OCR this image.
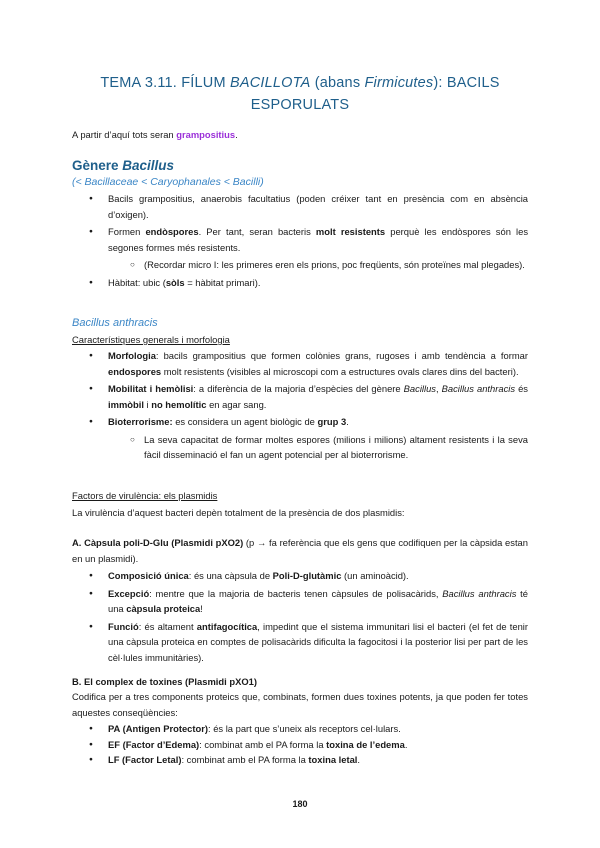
TEMA 3.11. FÍLUM BACILLOTA (abans Firmicutes): BACILS
ESPORULATS
A partir d’aquí tots seran grampositius.
Gènere Bacillus
(< Bacillaceae < Caryophanales < Bacilli)
● Bacils grampositius, anaerobis facultatius (poden créixer tant en presència com en absència d’oxigen).
● Formen endòspores. Per tant, seran bacteris molt resistents perquè les endòspores són les segones formes més resistents.
○ (Recordar micro I: les primeres eren els prions, poc freqüents, són proteïnes mal plegades).
● Hàbitat: ubic (sòls = hàbitat primari).
Bacillus anthracis
Característiques generals i morfologia
● Morfologia: bacils grampositius que formen colònies grans, rugoses i amb tendència a formar endospores molt resistents (visibles al microscopi com a estructures ovals clares dins del bacteri).
● Mobilitat i hemòlisi: a diferència de la majoria d’espècies del gènere Bacillus, Bacillus anthracis és immòbil i no hemolític en agar sang.
● Bioterrorisme: es considera un agent biològic de grup 3.
○ La seva capacitat de formar moltes espores (milions i milions) altament resistents i la seva fàcil disseminació el fan un agent potencial per al bioterrorisme.
Factors de virulència: els plasmidis
La virulència d’aquest bacteri depèn totalment de la presència de dos plasmidis:
A. Càpsula poli-D-Glu (Plasmidi pXO2) (p → fa referència que els gens que codifiquen per la càpsida estan en un plasmidi).
● Composició única: és una càpsula de Poli-D-glutàmic (un aminoàcid).
● Excepció: mentre que la majoria de bacteris tenen càpsules de polisacàrids, Bacillus anthracis té una càpsula proteica!
● Funció: és altament antifagocítica, impedint que el sistema immunitari lisi el bacteri (el fet de tenir una càpsula proteica en comptes de polisacàrids dificulta la fagocitosi i la posterior lisi per part de les cèl·lules immunitàries).
B. El complex de toxines (Plasmidi pXO1)
Codifica per a tres components proteics que, combinats, formen dues toxines potents, ja que poden fer totes aquestes conseqüències:
● PA (Antigen Protector): és la part que s’uneix als receptors cel·lulars.
● EF (Factor d’Edema): combinat amb el PA forma la toxina de l’edema.
● LF (Factor Letal): combinat amb el PA forma la toxina letal.
180
